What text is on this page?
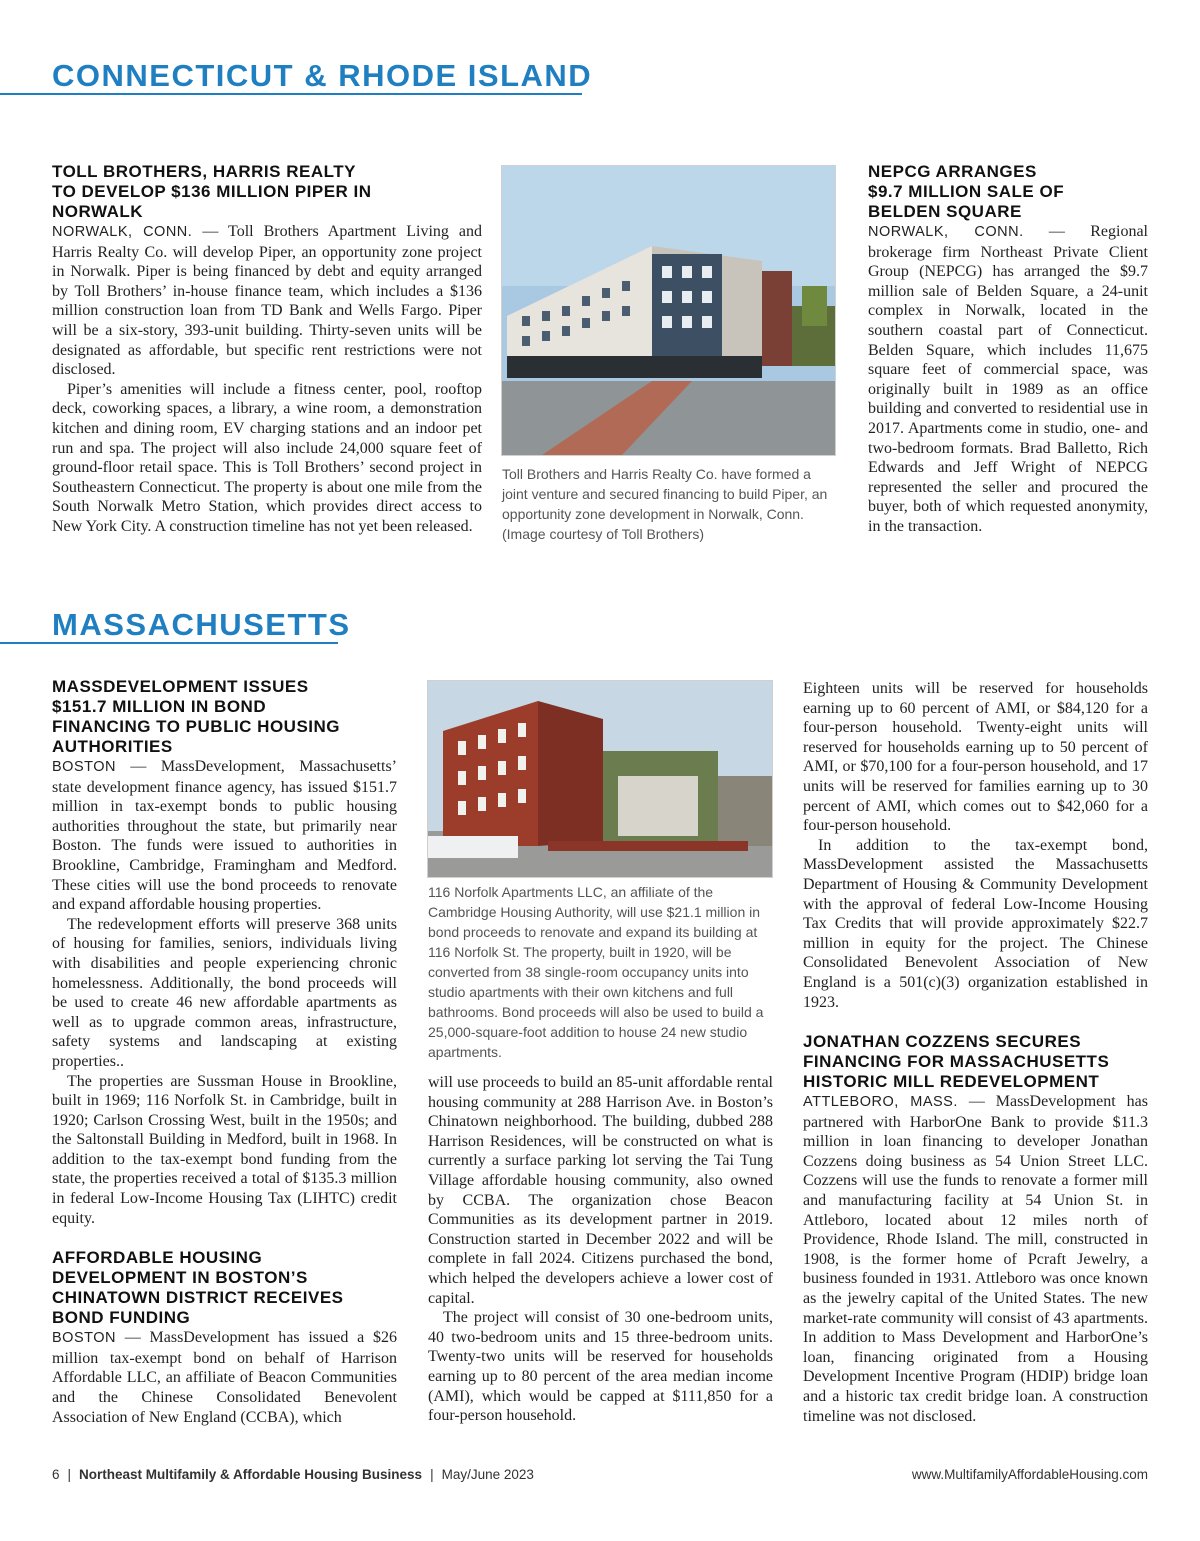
CONNECTICUT & RHODE ISLAND
TOLL BROTHERS, HARRIS REALTY TO DEVELOP $136 MILLION PIPER IN NORWALK

NORWALK, CONN. — Toll Brothers Apartment Living and Harris Realty Co. will develop Piper, an opportunity zone project in Norwalk. Piper is being financed by debt and equity arranged by Toll Brothers’ in-house finance team, which includes a $136 million construction loan from TD Bank and Wells Fargo. Piper will be a six-story, 393-unit building. Thirty-seven units will be designated as affordable, but specific rent restrictions were not disclosed.

Piper’s amenities will include a fitness center, pool, rooftop deck, coworking spaces, a library, a wine room, a demonstration kitchen and dining room, EV charging stations and an indoor pet run and spa. The project will also include 24,000 square feet of ground-floor retail space. This is Toll Brothers’ second project in Southeastern Connecticut. The property is about one mile from the South Norwalk Metro Station, which provides direct access to New York City. A construction timeline has not yet been released.

Toll Brothers and Harris Realty Co. have formed a joint venture and secured financing to build Piper, an opportunity zone development in Norwalk, Conn. (Image courtesy of Toll Brothers)

NEPCG ARRANGES $9.7 MILLION SALE OF BELDEN SQUARE

NORWALK, CONN. — Regional brokerage firm Northeast Private Client Group (NEPCG) has arranged the $9.7 million sale of Belden Square, a 24-unit complex in Norwalk, located in the southern coastal part of Connecticut. Belden Square, which includes 11,675 square feet of commercial space, was originally built in 1989 as an office building and converted to residential use in 2017. Apartments come in studio, one- and two-bedroom formats. Brad Balletto, Rich Edwards and Jeff Wright of NEPCG represented the seller and procured the buyer, both of which requested anonymity, in the transaction.

MASSACHUSETTS
MASSDEVELOPMENT ISSUES $151.7 MILLION IN BOND FINANCING TO PUBLIC HOUSING AUTHORITIES

BOSTON — MassDevelopment, Massachusetts’ state development finance agency, has issued $151.7 million in tax-exempt bonds to public housing authorities throughout the state, but primarily near Boston. The funds were issued to authorities in Brookline, Cambridge, Framingham and Medford. These cities will use the bond proceeds to renovate and expand affordable housing properties.

The redevelopment efforts will preserve 368 units of housing for families, seniors, individuals living with disabilities and people experiencing chronic homelessness. Additionally, the bond proceeds will be used to create 46 new affordable apartments as well as to upgrade common areas, infrastructure, safety systems and landscaping at existing properties..

The properties are Sussman House in Brookline, built in 1969; 116 Norfolk St. in Cambridge, built in 1920; Carlson Crossing West, built in the 1950s; and the Saltonstall Building in Medford, built in 1968. In addition to the tax-exempt bond funding from the state, the properties received a total of $135.3 million in federal Low-Income Housing Tax (LIHTC) credit equity.

AFFORDABLE HOUSING DEVELOPMENT IN BOSTON’S CHINATOWN DISTRICT RECEIVES BOND FUNDING

BOSTON — MassDevelopment has issued a $26 million tax-exempt bond on behalf of Harrison Affordable LLC, an affiliate of Beacon Communities and the Chinese Consolidated Benevolent Association of New England (CCBA), which

116 Norfolk Apartments LLC, an affiliate of the Cambridge Housing Authority, will use $21.1 million in bond proceeds to renovate and expand its building at 116 Norfolk St. The property, built in 1920, will be converted from 38 single-room occupancy units into studio apartments with their own kitchens and full bathrooms. Bond proceeds will also be used to build a 25,000-square-foot addition to house 24 new studio apartments.

will use proceeds to build an 85-unit affordable rental housing community at 288 Harrison Ave. in Boston’s Chinatown neighborhood. The building, dubbed 288 Harrison Residences, will be constructed on what is currently a surface parking lot serving the Tai Tung Village affordable housing community, also owned by CCBA. The organization chose Beacon Communities as its development partner in 2019. Construction started in December 2022 and will be complete in fall 2024. Citizens purchased the bond, which helped the developers achieve a lower cost of capital.

The project will consist of 30 one-bedroom units, 40 two-bedroom units and 15 three-bedroom units. Twenty-two units will be reserved for households earning up to 80 percent of the area median income (AMI), which would be capped at $111,850 for a four-person household.

Eighteen units will be reserved for households earning up to 60 percent of AMI, or $84,120 for a four-person household. Twenty-eight units will reserved for households earning up to 50 percent of AMI, or $70,100 for a four-person household, and 17 units will be reserved for families earning up to 30 percent of AMI, which comes out to $42,060 for a four-person household.

In addition to the tax-exempt bond, MassDevelopment assisted the Massachusetts Department of Housing & Community Development with the approval of federal Low-Income Housing Tax Credits that will provide approximately $22.7 million in equity for the project. The Chinese Consolidated Benevolent Association of New England is a 501(c)(3) organization established in 1923.

JONATHAN COZZENS SECURES FINANCING FOR MASSACHUSETTS HISTORIC MILL REDEVELOPMENT

ATTLEBORO, MASS. — MassDevelopment has partnered with HarborOne Bank to provide $11.3 million in loan financing to developer Jonathan Cozzens doing business as 54 Union Street LLC. Cozzens will use the funds to renovate a former mill and manufacturing facility at 54 Union St. in Attleboro, located about 12 miles north of Providence, Rhode Island. The mill, constructed in 1908, is the former home of Pcraft Jewelry, a business founded in 1931. Attleboro was once known as the jewelry capital of the United States. The new market-rate community will consist of 43 apartments. In addition to Mass Development and HarborOne’s loan, financing originated from a Housing Development Incentive Program (HDIP) bridge loan and a historic tax credit bridge loan. A construction timeline was not disclosed.

6 | Northeast Multifamily & Affordable Housing Business | May/June 2023	www.MultifamilyAffordableHousing.com
